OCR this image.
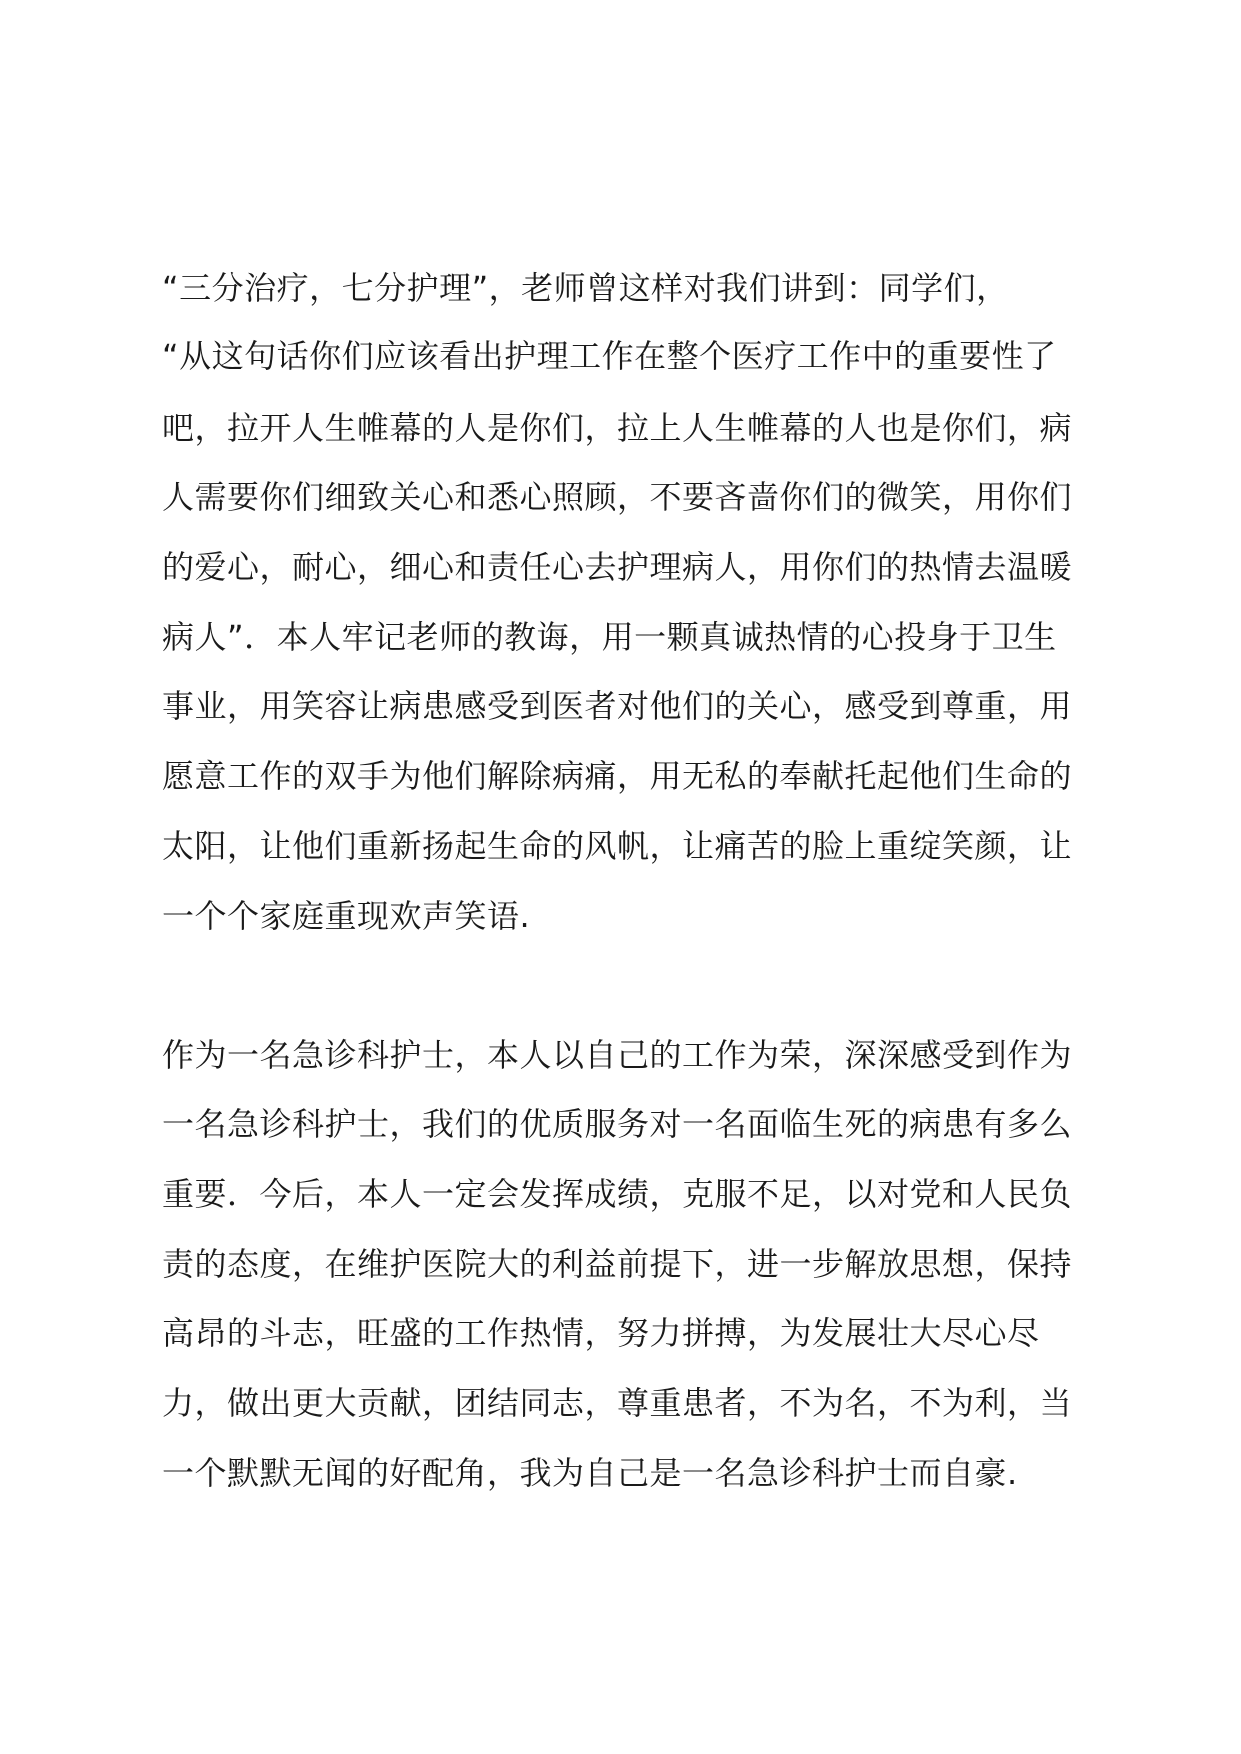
“三分治疗，七分护理”，老师曾这样对我们讲到：同学们，
“从这句话你们应该看出护理工作在整个医疗工作中的重要性了
吧，拉开人生帷幕的人是你们，拉上人生帷幕的人也是你们，病
人需要你们细致关心和悉心照顾，不要吝啬你们的微笑，用你们
的爱心，耐心，细心和责任心去护理病人，用你们的热情去温暖
病人”．本人牢记老师的教诲，用一颗真诚热情的心投身于卫生
事业，用笑容让病患感受到医者对他们的关心，感受到尊重，用
愿意工作的双手为他们解除病痛，用无私的奉献托起他们生命的
太阳，让他们重新扬起生命的风帆，让痛苦的脸上重绽笑颜，让
一个个家庭重现欢声笑语.
作为一名急诊科护士，本人以自己的工作为荣，深深感受到作为
一名急诊科护士，我们的优质服务对一名面临生死的病患有多么
重要．今后，本人一定会发挥成绩，克服不足，以对党和人民负
责的态度，在维护医院大的利益前提下，进一步解放思想，保持
高昂的斗志，旺盛的工作热情，努力拼搏，为发展壮大尽心尽
力，做出更大贡献，团结同志，尊重患者，不为名，不为利，当
一个默默无闻的好配角，我为自己是一名急诊科护士而自豪.
